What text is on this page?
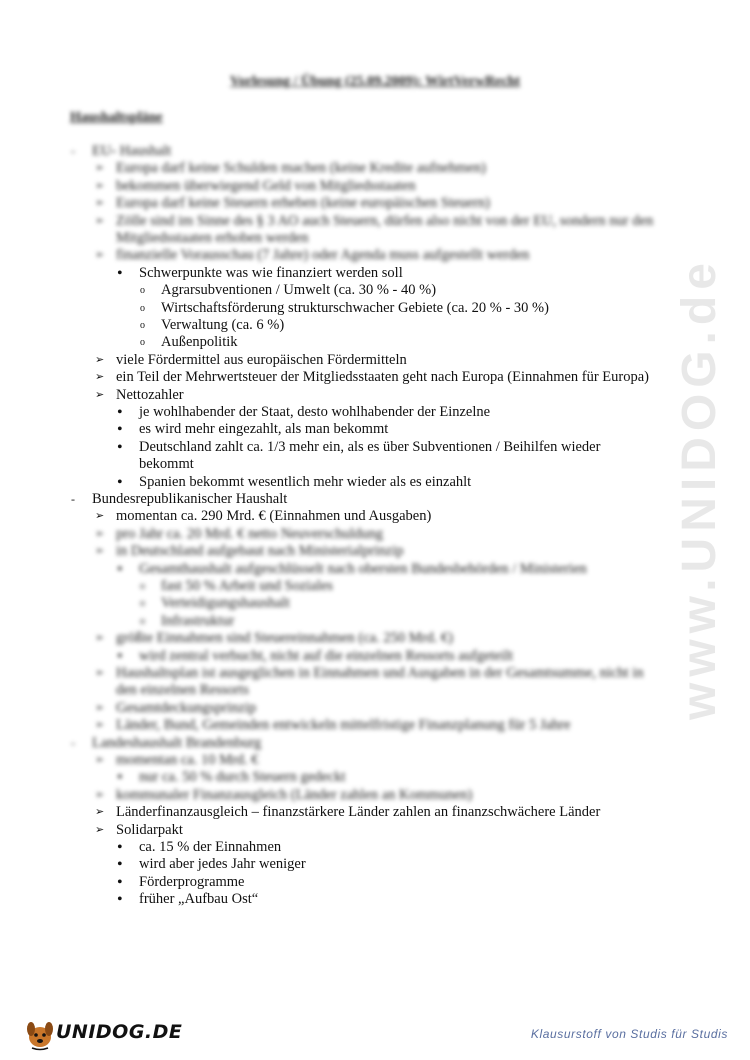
Vorlesung / Übung (25.09.2009): WirtVerwRecht
Haushaltspläne
- EU- Haushalt
➢ Europa darf keine Schulden machen (keine Kredite aufnehmen)
➢ bekommen überwiegend Geld von Mitgliedsstaaten
➢ Europa darf keine Steuern erheben (keine europäischen Steuern)
➢ Zölle sind im Sinne des § 3 AO auch Steuern, dürfen also nicht von der EU, sondern nur den
Mitgliedsstaaten erhoben werden
➢ finanzielle Vorausschau (7 Jahre) oder Agenda muss aufgestellt werden
• Schwerpunkte was wie finanziert werden soll
o Agrarsubventionen / Umwelt (ca. 30 % - 40 %)
o Wirtschaftsförderung strukturschwacher Gebiete (ca. 20 % - 30 %)
o Verwaltung (ca. 6 %)
o Außenpolitik
➢ viele Fördermittel aus europäischen Fördermitteln
➢ ein Teil der Mehrwertsteuer der Mitgliedsstaaten geht nach Europa (Einnahmen für Europa)
➢ Nettozahler
• je wohlhabender der Staat, desto wohlhabender der Einzelne
• es wird mehr eingezahlt, als man bekommt
• Deutschland zahlt ca. 1/3 mehr ein, als es über Subventionen / Beihilfen wieder
bekommt
• Spanien bekommt wesentlich mehr wieder als es einzahlt
- Bundesrepublikanischer Haushalt
➢ momentan ca. 290 Mrd. € (Einnahmen und Ausgaben)
➢ pro Jahr ca. 20 Mrd. € netto Neuverschuldung
➢ in Deutschland aufgebaut nach Ministerialprinzip
• Gesamthaushalt aufgeschlüsselt nach obersten Bundesbehörden / Ministerien
o fast 50 % Arbeit und Soziales
o Verteidigungshaushalt
o Infrastruktur
➢ größte Einnahmen sind Steuereinnahmen (ca. 250 Mrd. €)
• wird zentral verbucht, nicht auf die einzelnen Ressorts aufgeteilt
➢ Haushaltsplan ist ausgeglichen in Einnahmen und Ausgaben in der Gesamtsumme, nicht in
den einzelnen Ressorts
➢ Gesamtdeckungsprinzip
➢ Länder, Bund, Gemeinden entwickeln mittelfristige Finanzplanung für 5 Jahre
- Landeshaushalt Brandenburg
➢ momentan ca. 10 Mrd. €
• nur ca. 50 % durch Steuern gedeckt
➢ kommunaler Finanzausgleich (Länder zahlen an Kommunen)
➢ Länderfinanzausgleich – finanzstärkere Länder zahlen an finanzschwächere Länder
➢ Solidarpakt
• ca. 15 % der Einnahmen
• wird aber jedes Jahr weniger
• Förderprogramme
• früher „Aufbau Ost“
www.UNIDOG.de
UNIDOG.DE	Klausurstoff von Studis für Studis
